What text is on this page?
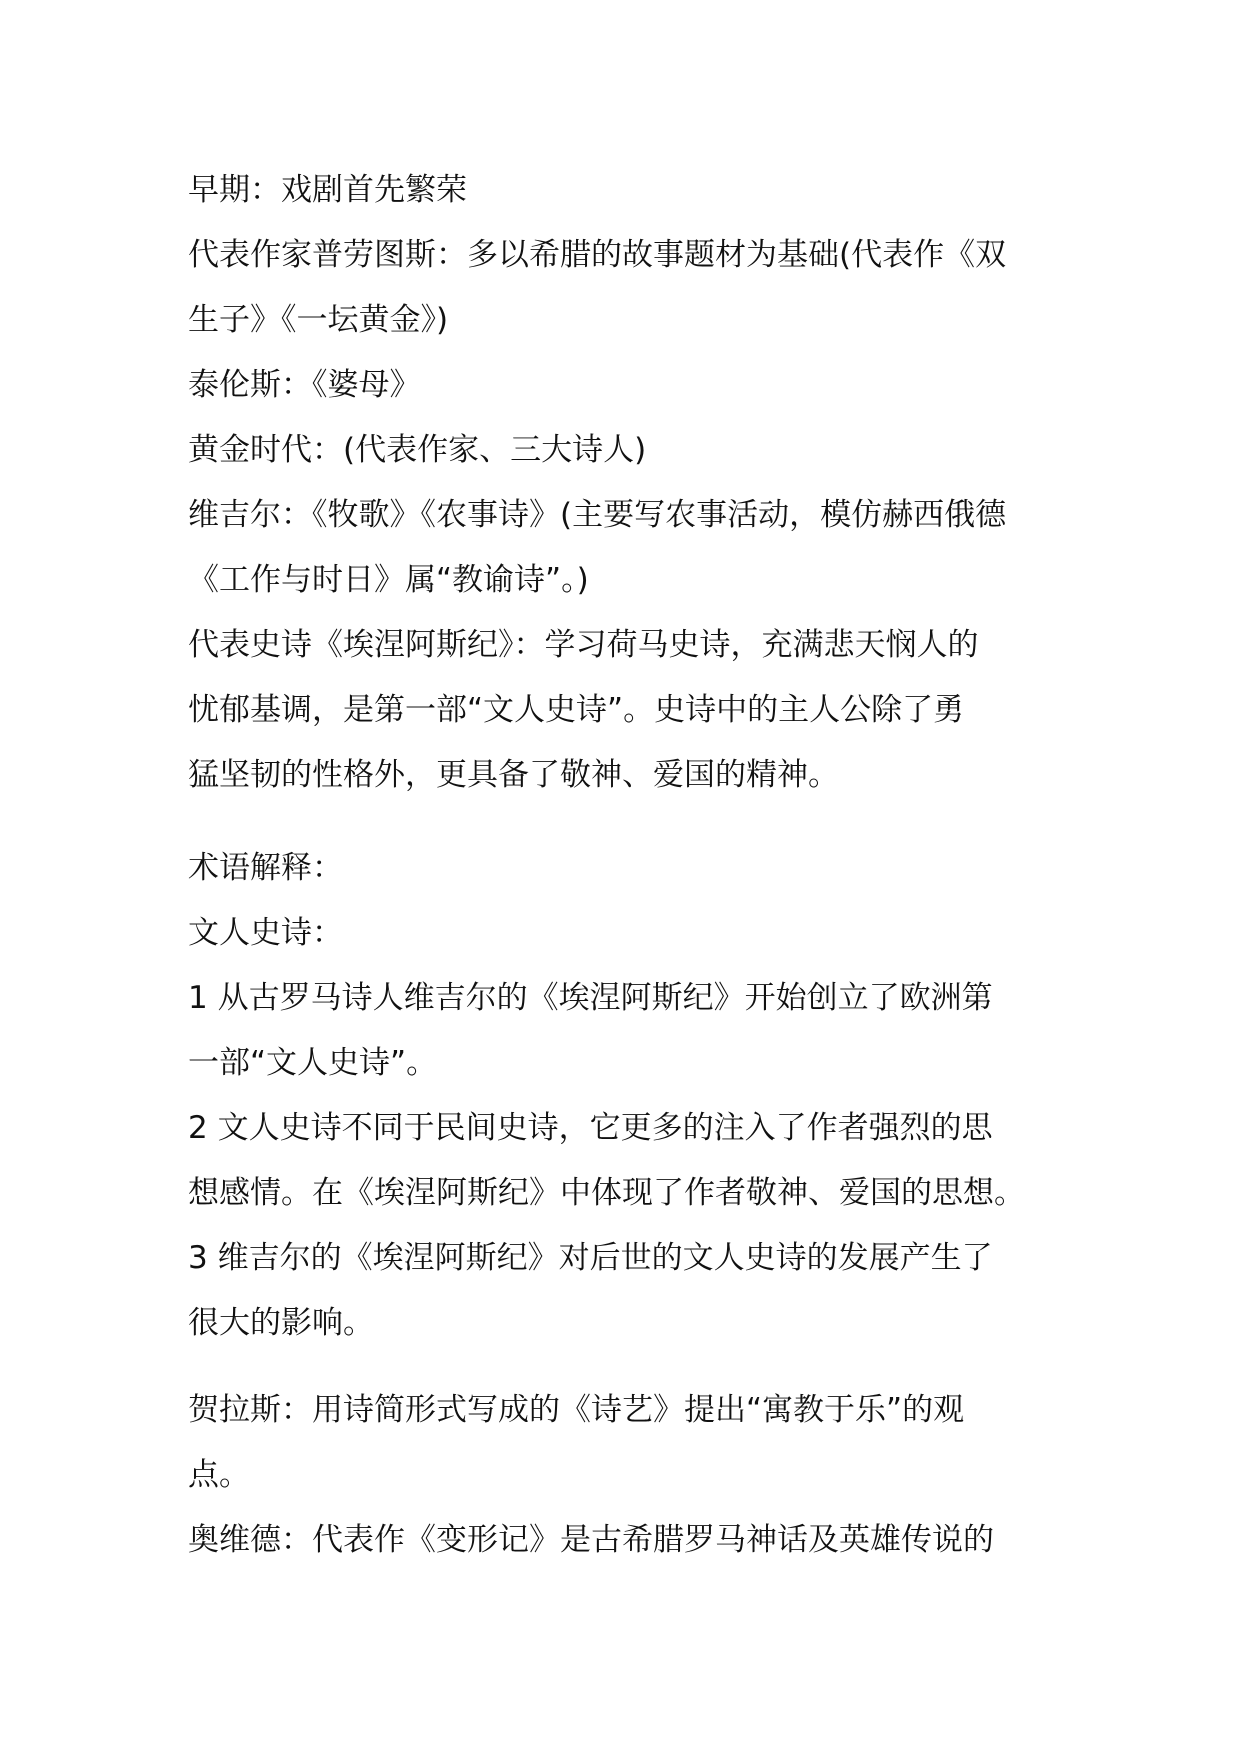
早期：戏剧首先繁荣
代表作家普劳图斯：多以希腊的故事题材为基础(代表作《双
生子》《一坛黄金》)
泰伦斯：《婆母》
黄金时代：(代表作家、三大诗人)
维吉尔：《牧歌》《农事诗》(主要写农事活动，模仿赫西俄德
《工作与时日》属“教谕诗”。)
代表史诗《埃涅阿斯纪》：学习荷马史诗，充满悲天悯人的
忧郁基调，是第一部“文人史诗”。史诗中的主人公除了勇
猛坚韧的性格外，更具备了敬神、爱国的精神。
术语解释：
文人史诗：
1 从古罗马诗人维吉尔的《埃涅阿斯纪》开始创立了欧洲第
一部“文人史诗”。
2 文人史诗不同于民间史诗，它更多的注入了作者强烈的思
想感情。在《埃涅阿斯纪》中体现了作者敬神、爱国的思想。
3 维吉尔的《埃涅阿斯纪》对后世的文人史诗的发展产生了
很大的影响。
贺拉斯：用诗简形式写成的《诗艺》提出“寓教于乐”的观
点。
奥维德：代表作《变形记》是古希腊罗马神话及英雄传说的
